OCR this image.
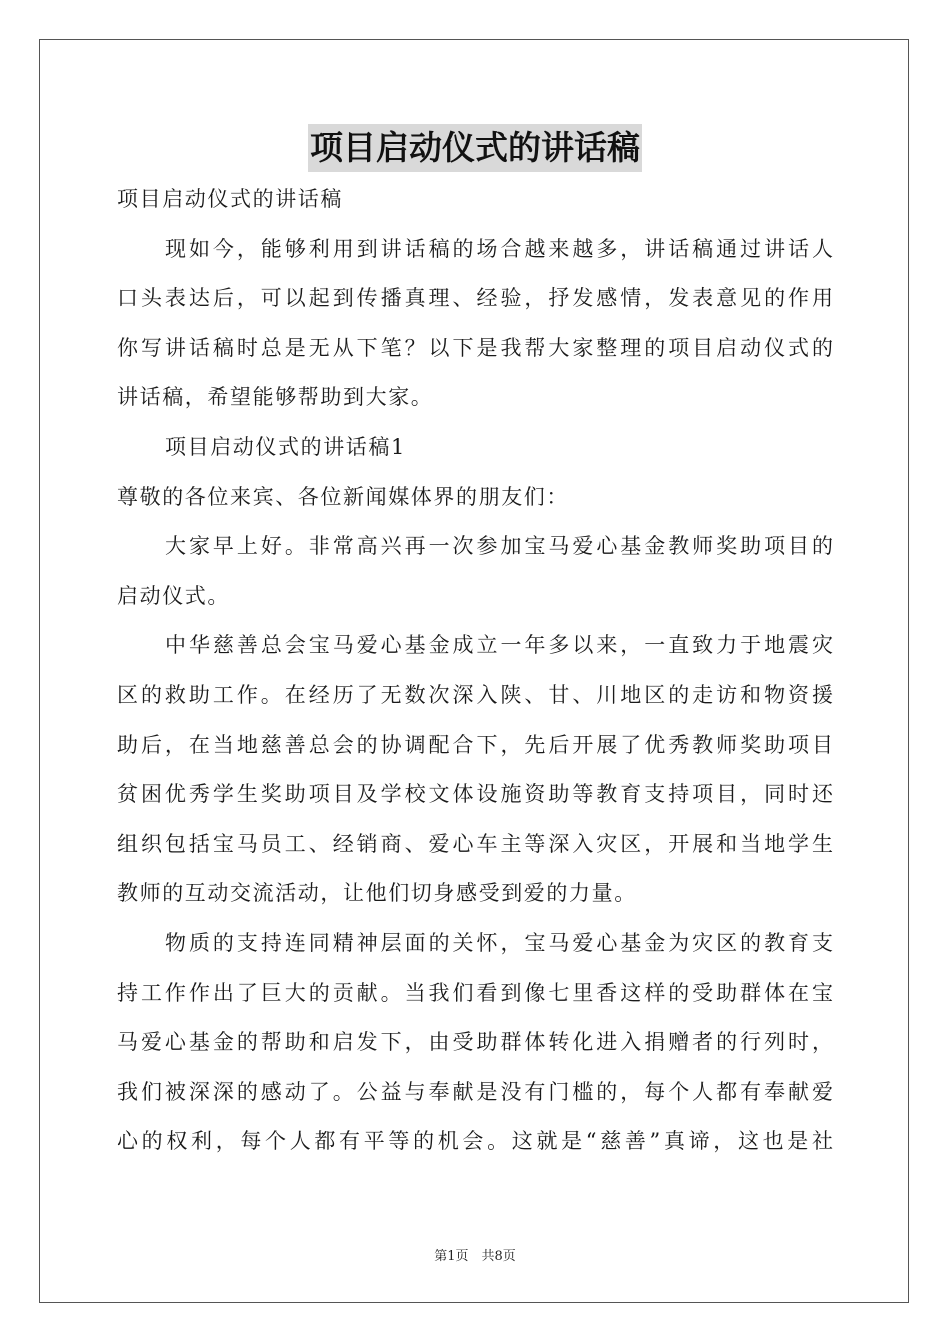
项目启动仪式的讲话稿
项目启动仪式的讲话稿
现如今，能够利用到讲话稿的场合越来越多，讲话稿通过讲话人
口头表达后，可以起到传播真理、经验，抒发感情，发表意见的作用
你写讲话稿时总是无从下笔？以下是我帮大家整理的项目启动仪式的
讲话稿，希望能够帮助到大家。
项目启动仪式的讲话稿1
尊敬的各位来宾、各位新闻媒体界的朋友们：
大家早上好。非常高兴再一次参加宝马爱心基金教师奖助项目的
启动仪式。
中华慈善总会宝马爱心基金成立一年多以来，一直致力于地震灾
区的救助工作。在经历了无数次深入陕、甘、川地区的走访和物资援
助后，在当地慈善总会的协调配合下，先后开展了优秀教师奖助项目
贫困优秀学生奖助项目及学校文体设施资助等教育支持项目，同时还
组织包括宝马员工、经销商、爱心车主等深入灾区，开展和当地学生
教师的互动交流活动，让他们切身感受到爱的力量。
物质的支持连同精神层面的关怀，宝马爱心基金为灾区的教育支
持工作作出了巨大的贡献。当我们看到像七里香这样的受助群体在宝
马爱心基金的帮助和启发下，由受助群体转化进入捐赠者的行列时，
我们被深深的感动了。公益与奉献是没有门槛的，每个人都有奉献爱
心的权利，每个人都有平等的机会。这就是“慈善”真谛，这也是社
第1页　共8页
